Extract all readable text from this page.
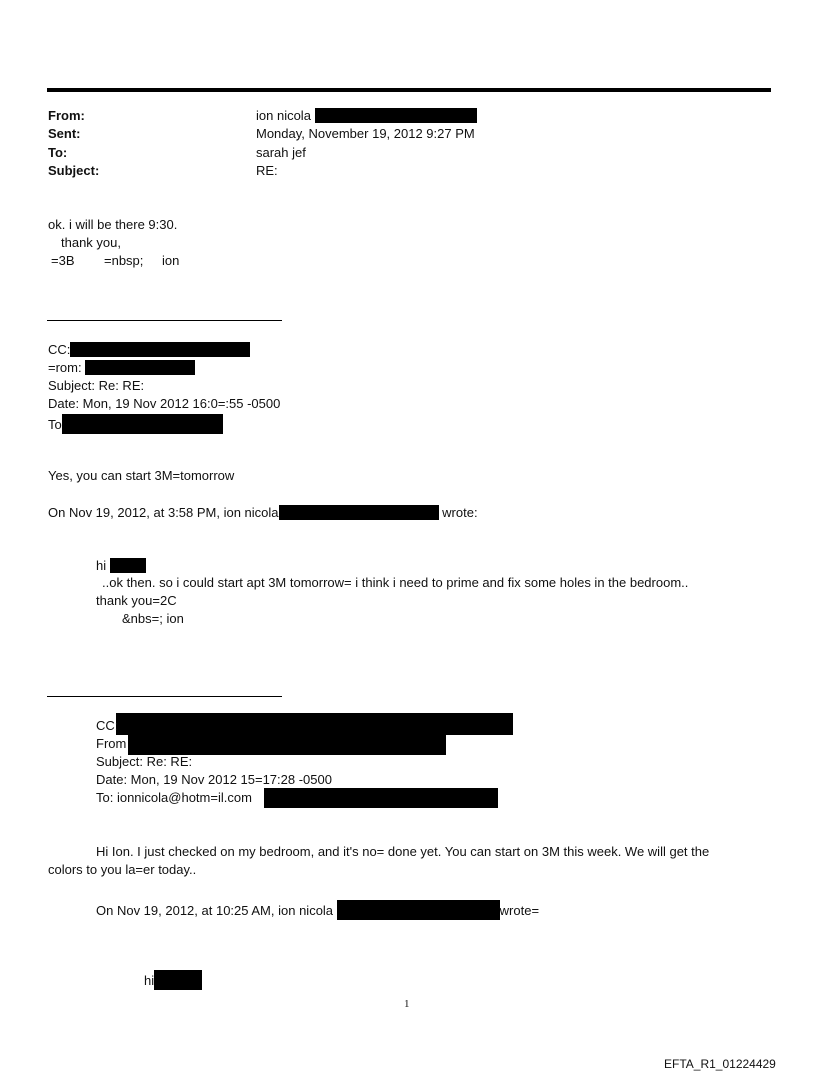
From:	ion nicola
Sent:	Monday, November 19, 2012 9:27 PM
To:	sarah jef
Subject:	RE:
ok. i will be there 9:30.
thank you,
=3B =nbsp; ion
CC:
=rom:
Subject: Re: RE:
Date: Mon, 19 Nov 2012 16:0=:55 -0500
To
Yes, you can start 3M=tomorrow
On Nov 19, 2012, at 3:58 PM, ion nicola	wrote:
hi
..ok then. so i could start apt 3M tomorrow= i think i need to prime and fix some holes in the bedroom..
thank you=2C
&nbs=; ion
CC:
From
Subject: Re: RE:
Date: Mon, 19 Nov 2012 15=17:28 -0500
To: ionnicola@hotm=il.com
Hi Ion. I just checked on my bedroom, and it's no= done yet. You can start on 3M this week. We will get the
colors to you la=er today..
On Nov 19, 2012, at 10:25 AM, ion nicola	wrote=
hi
1
EFTA_R1_01224429
